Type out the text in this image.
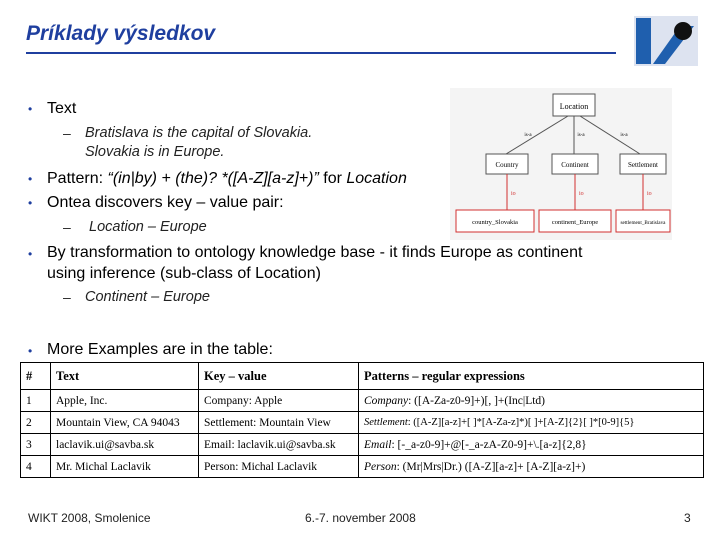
Príklady výsledkov
• Text
– Bratislava is the capital of Slovakia.
Slovakia is in Europe.
• Pattern: “(in|by) + (the)? *([A-Z][a-z]+)” for Location
• Ontea discovers key – value pair:
– Location – Europe
• By transformation to ontology knowledge base - it finds Europe as continent
using inference (sub-class of Location)
– Continent – Europe
• More Examples are in the table:
Location
is-a	is-a	is-a
Country	Continent	Settlement
io	io	io
country_Slovakia	continent_Europe	settlement_Bratislava
#	Text	Key – value	Patterns – regular expressions
1	Apple, Inc.	Company: Apple	Company: ([A-Za-z0-9]+)[, ]+(Inc|Ltd)
2	Mountain View, CA 94043	Settlement: Mountain View	Settlement: ([A-Z][a-z]+[ ]*[A-Za-z]*)[ ]+[A-Z]{2}[ ]*[0-9]{5}
3	laclavik.ui@savba.sk	Email: laclavik.ui@savba.sk	Email: [-_a-z0-9]+@[-_a-zA-Z0-9]+\.[a-z]{2,8}
4	Mr. Michal Laclavik	Person: Michal Laclavik	Person: (Mr|Mrs|Dr.) ([A-Z][a-z]+ [A-Z][a-z]+)
WIKT 2008, Smolenice	6.-7. november 2008	3
